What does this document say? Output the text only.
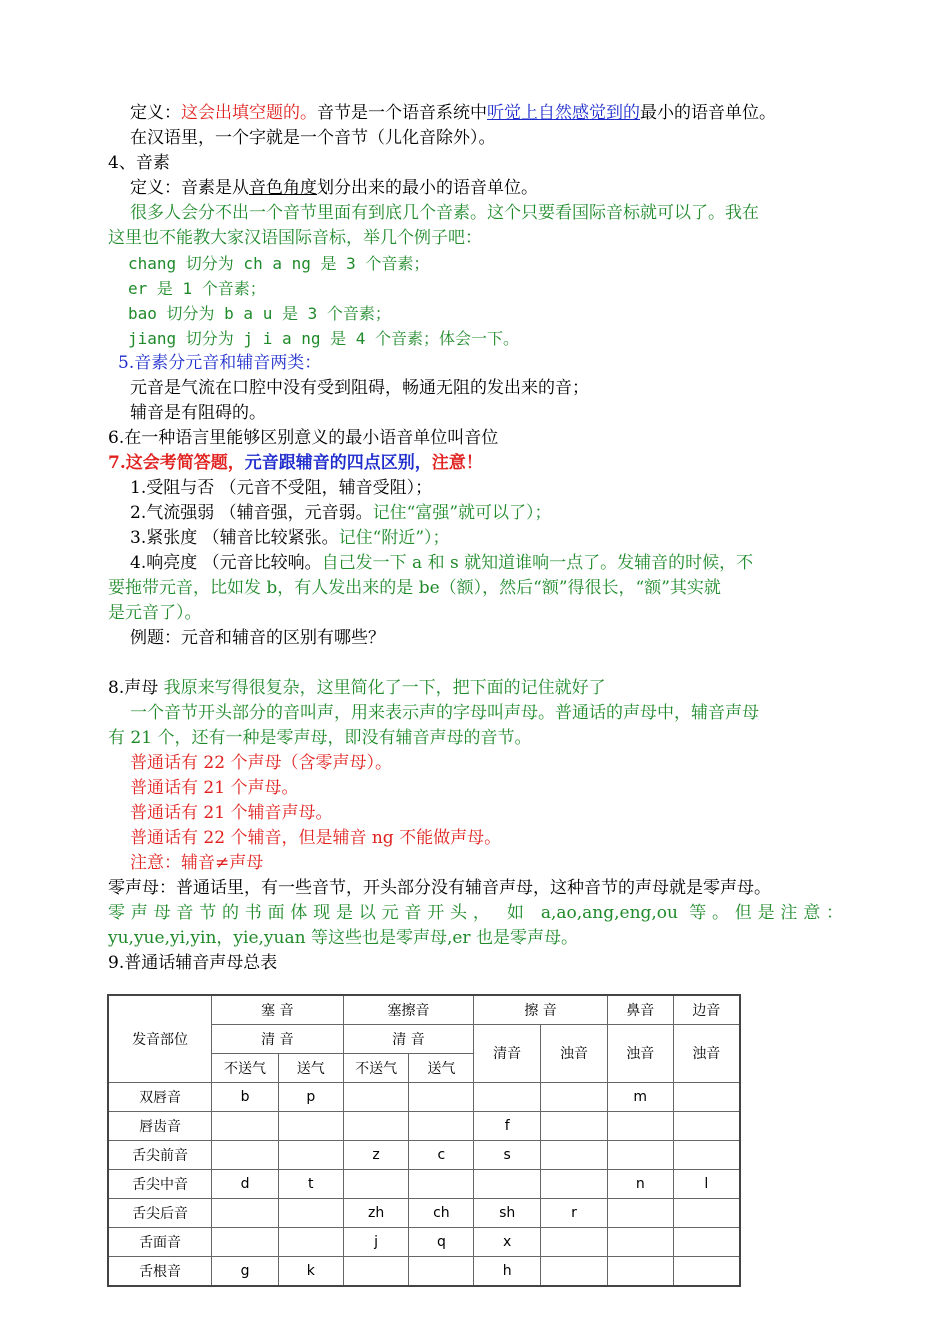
定义：这会出填空题的。音节是一个语音系统中听觉上自然感觉到的最小的语音单位。
在汉语里，一个字就是一个音节（儿化音除外）。
4、音素
定义：音素是从音色角度划分出来的最小的语音单位。
很多人会分不出一个音节里面有到底几个音素。这个只要看国际音标就可以了。我在
这里也不能教大家汉语国际音标，举几个例子吧：
chang 切分为 ch a ng 是 3 个音素；
er 是 1 个音素；
bao 切分为 b a u 是 3 个音素；
jiang 切分为 j i a ng 是 4 个音素；体会一下。
5.音素分元音和辅音两类：
元音是气流在口腔中没有受到阻碍，畅通无阻的发出来的音；
辅音是有阻碍的。
6.在一种语言里能够区别意义的最小语音单位叫音位
7.这会考简答题，元音跟辅音的四点区别，注意！
1.受阻与否 （元音不受阻，辅音受阻）；
2.气流强弱 （辅音强，元音弱。记住“富强”就可以了）；
3.紧张度 （辅音比较紧张。记住“附近”）；
4.响亮度 （元音比较响。自己发一下 a 和 s 就知道谁响一点了。发辅音的时候，不
要拖带元音，比如发 b，有人发出来的是 be（额），然后“额”得很长，“额”其实就
是元音了）。
例题：元音和辅音的区别有哪些？
8.声母 我原来写得很复杂，这里简化了一下，把下面的记住就好了
一个音节开头部分的音叫声，用来表示声的字母叫声母。普通话的声母中，辅音声母
有 21 个，还有一种是零声母，即没有辅音声母的音节。
普通话有 22 个声母（含零声母）。
普通话有 21 个声母。
普通话有 21 个辅音声母。
普通话有 22 个辅音，但是辅音 ng 不能做声母。
注意：辅音≠声母
零声母：普通话里，有一些音节，开头部分没有辅音声母，这种音节的声母就是零声母。
零声母音节的书面体现是以元音开头， 如 a,ao,ang,eng,ou 等。但是注意：
yu,yue,yi,yin，yie,yuan 等这些也是零声母,er 也是零声母。
9.普通话辅音声母总表
发音部位	塞 音		塞擦音		擦 音		鼻音	边音
	清 音		清 音		清音	浊音	浊音	浊音
	不送气	送气	不送气	送气				
双唇音	b	p					m	
唇齿音					f			
舌尖前音			z	c	s			
舌尖中音	d	t					n	l
舌尖后音			zh	ch	sh	r		
舌面音			j	q	x			
舌根音	g	k			h			
